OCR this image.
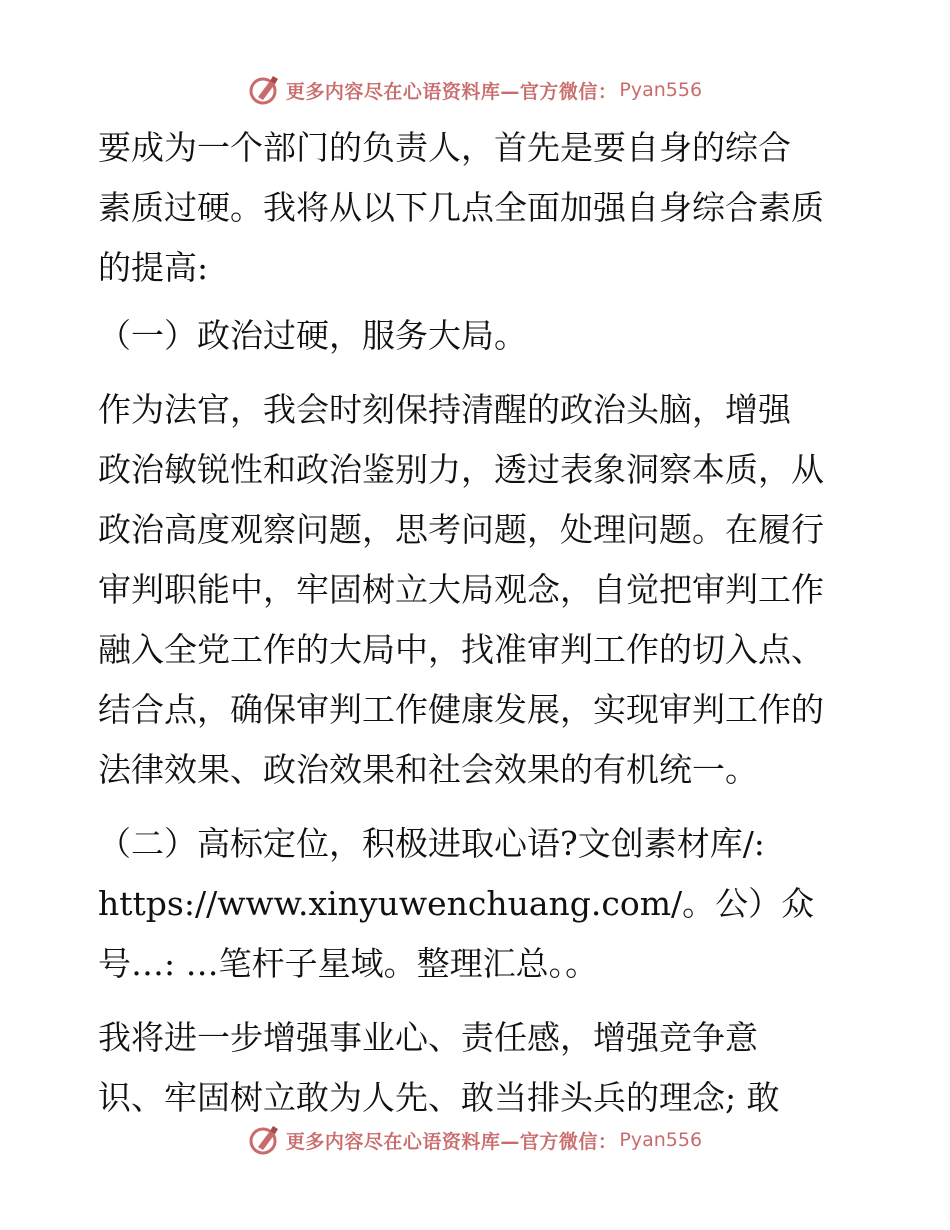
更多内容尽在心语资料库—官方微信： Pyan556

要成为一个部门的负责人，首先是要自身的综合

素质过硬。我将从以下几点全面加强自身综合素质

的提高:

（一）政治过硬，服务大局。

作为法官，我会时刻保持清醒的政治头脑，增强

政治敏锐性和政治鉴别力，透过表象洞察本质，从

政治高度观察问题，思考问题，处理问题。在履行

审判职能中，牢固树立大局观念，自觉把审判工作

融入全党工作的大局中，找准审判工作的切入点、

结合点，确保审判工作健康发展，实现审判工作的

法律效果、政治效果和社会效果的有机统一。

（二）高标定位，积极进取心语?文创素材库/:

https://www.xinyuwenchuang.com/。公）众

号…: …笔杆子星域。整理汇总。。

我将进一步增强事业心、责任感，增强竞争意

识、牢固树立敢为人先、敢当排头兵的理念; 敢

更多内容尽在心语资料库—官方微信： Pyan556
